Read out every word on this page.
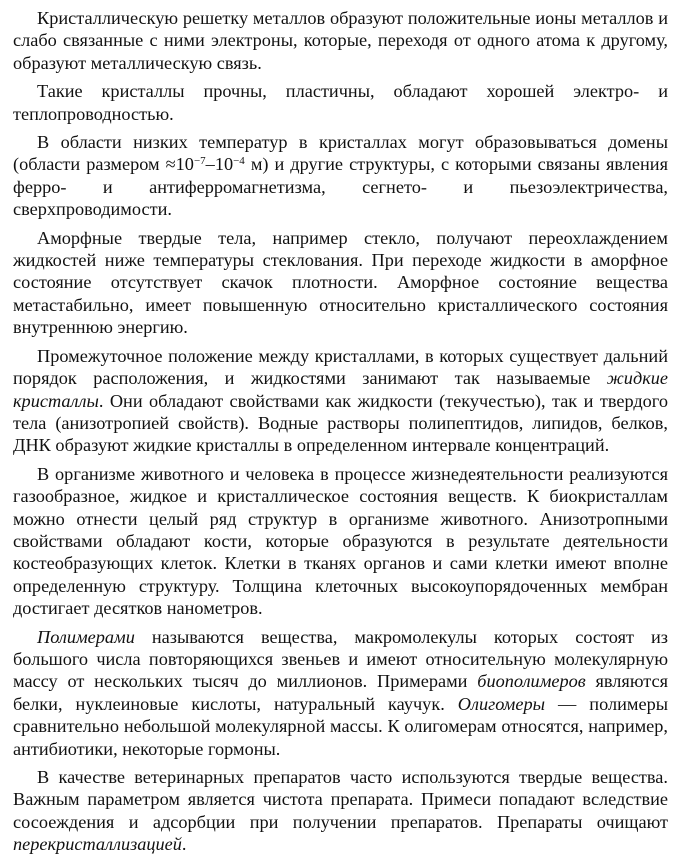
Кристаллическую решетку металлов образуют положительные ионы металлов и слабо связанные с ними электроны, которые, переходя от одного атома к другому, образуют металлическую связь.

Такие кристаллы прочны, пластичны, обладают хорошей электро- и теплопроводностью.

В области низких температур в кристаллах могут образовываться домены (области размером $\approx 10^{-7}-10^{-4}$ м) и другие структуры, с которыми связаны явления ферро- и антиферромагнетизма, сегнето- и пьезоэлектричества, сверхпроводимости.

Аморфные твердые тела, например стекло, получают переохлаждением жидкостей ниже температуры стеклования. При переходе жидкости в аморфное состояние отсутствует скачок плотности. Аморфное состояние вещества метастабильно, имеет повышенную относительно кристаллического состояния внутреннюю энергию.

Промежуточное положение между кристаллами, в которых существует дальний порядок расположения, и жидкостями занимают так называемые жидкие кристаллы. Они обладают свойствами как жидкости (текучестью), так и твердого тела (анизотропией свойств). Водные растворы полипептидов, липидов, белков, ДНК образуют жидкие кристаллы в определенном интервале концентраций.

В организме животного и человека в процессе жизнедеятельности реализуются газообразное, жидкое и кристаллическое состояния веществ. К биокристаллам можно отнести целый ряд структур в организме животного. Анизотропными свойствами обладают кости, которые образуются в результате деятельности костеобразующих клеток. Клетки в тканях органов и сами клетки имеют вполне определенную структуру. Толщина клеточных высокоупорядоченных мембран достигает десятков нанометров.

Полимерами называются вещества, макромолекулы которых состоят из большого числа повторяющихся звеньев и имеют относительную молекулярную массу от нескольких тысяч до миллионов. Примерами биополимеров являются белки, нуклеиновые кислоты, натуральный каучук. Олигомеры — полимеры сравнительно небольшой молекулярной массы. К олигомерам относятся, например, антибиотики, некоторые гормоны.

В качестве ветеринарных препаратов часто используются твердые вещества. Важным параметром является чистота препарата. Примеси попадают вследствие сосоеждения и адсорбции при получении препаратов. Препараты очищают перекристаллизацией.
